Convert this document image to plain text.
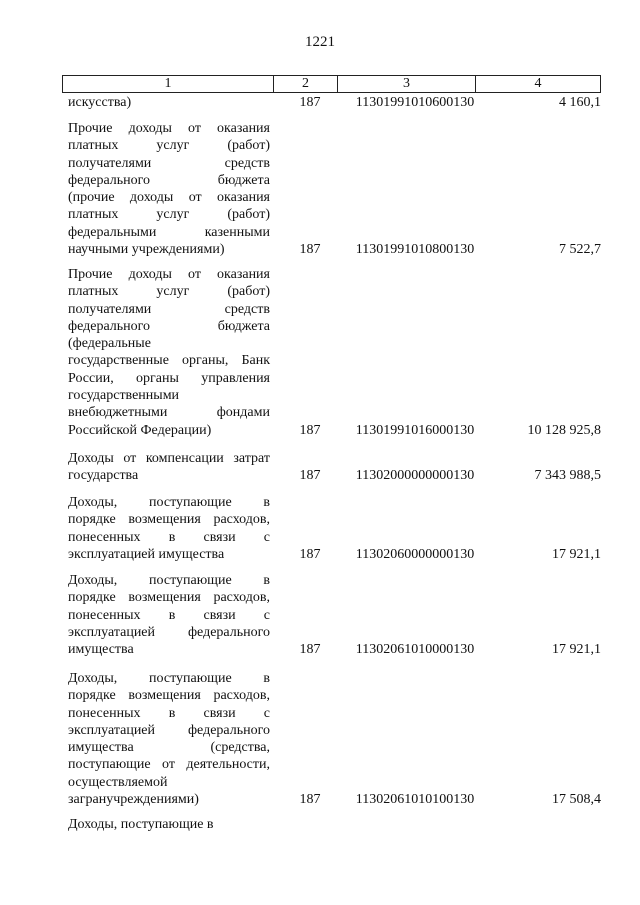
1221
1	2	3	4
искусства)	187	11301991010600130	4 160,1
Прочие доходы от оказания
платных услуг (работ)
получателями средств
федерального бюджета
(прочие доходы от оказания
платных услуг (работ)
федеральными казенными
научными учреждениями)	187	11301991010800130	7 522,7
Прочие доходы от оказания
платных услуг (работ)
получателями средств
федерального бюджета
(федеральные
государственные органы, Банк
России, органы управления
государственными
внебюджетными фондами
Российской Федерации)	187	11301991016000130	10 128 925,8
Доходы от компенсации затрат
государства	187	11302000000000130	7 343 988,5
Доходы, поступающие в
порядке возмещения расходов,
понесенных в связи с
эксплуатацией имущества	187	11302060000000130	17 921,1
Доходы, поступающие в
порядке возмещения расходов,
понесенных в связи с
эксплуатацией федерального
имущества	187	11302061010000130	17 921,1
Доходы, поступающие в
порядке возмещения расходов,
понесенных в связи с
эксплуатацией федерального
имущества (средства,
поступающие от деятельности,
осуществляемой
загранучреждениями)	187	11302061010100130	17 508,4
Доходы, поступающие в
